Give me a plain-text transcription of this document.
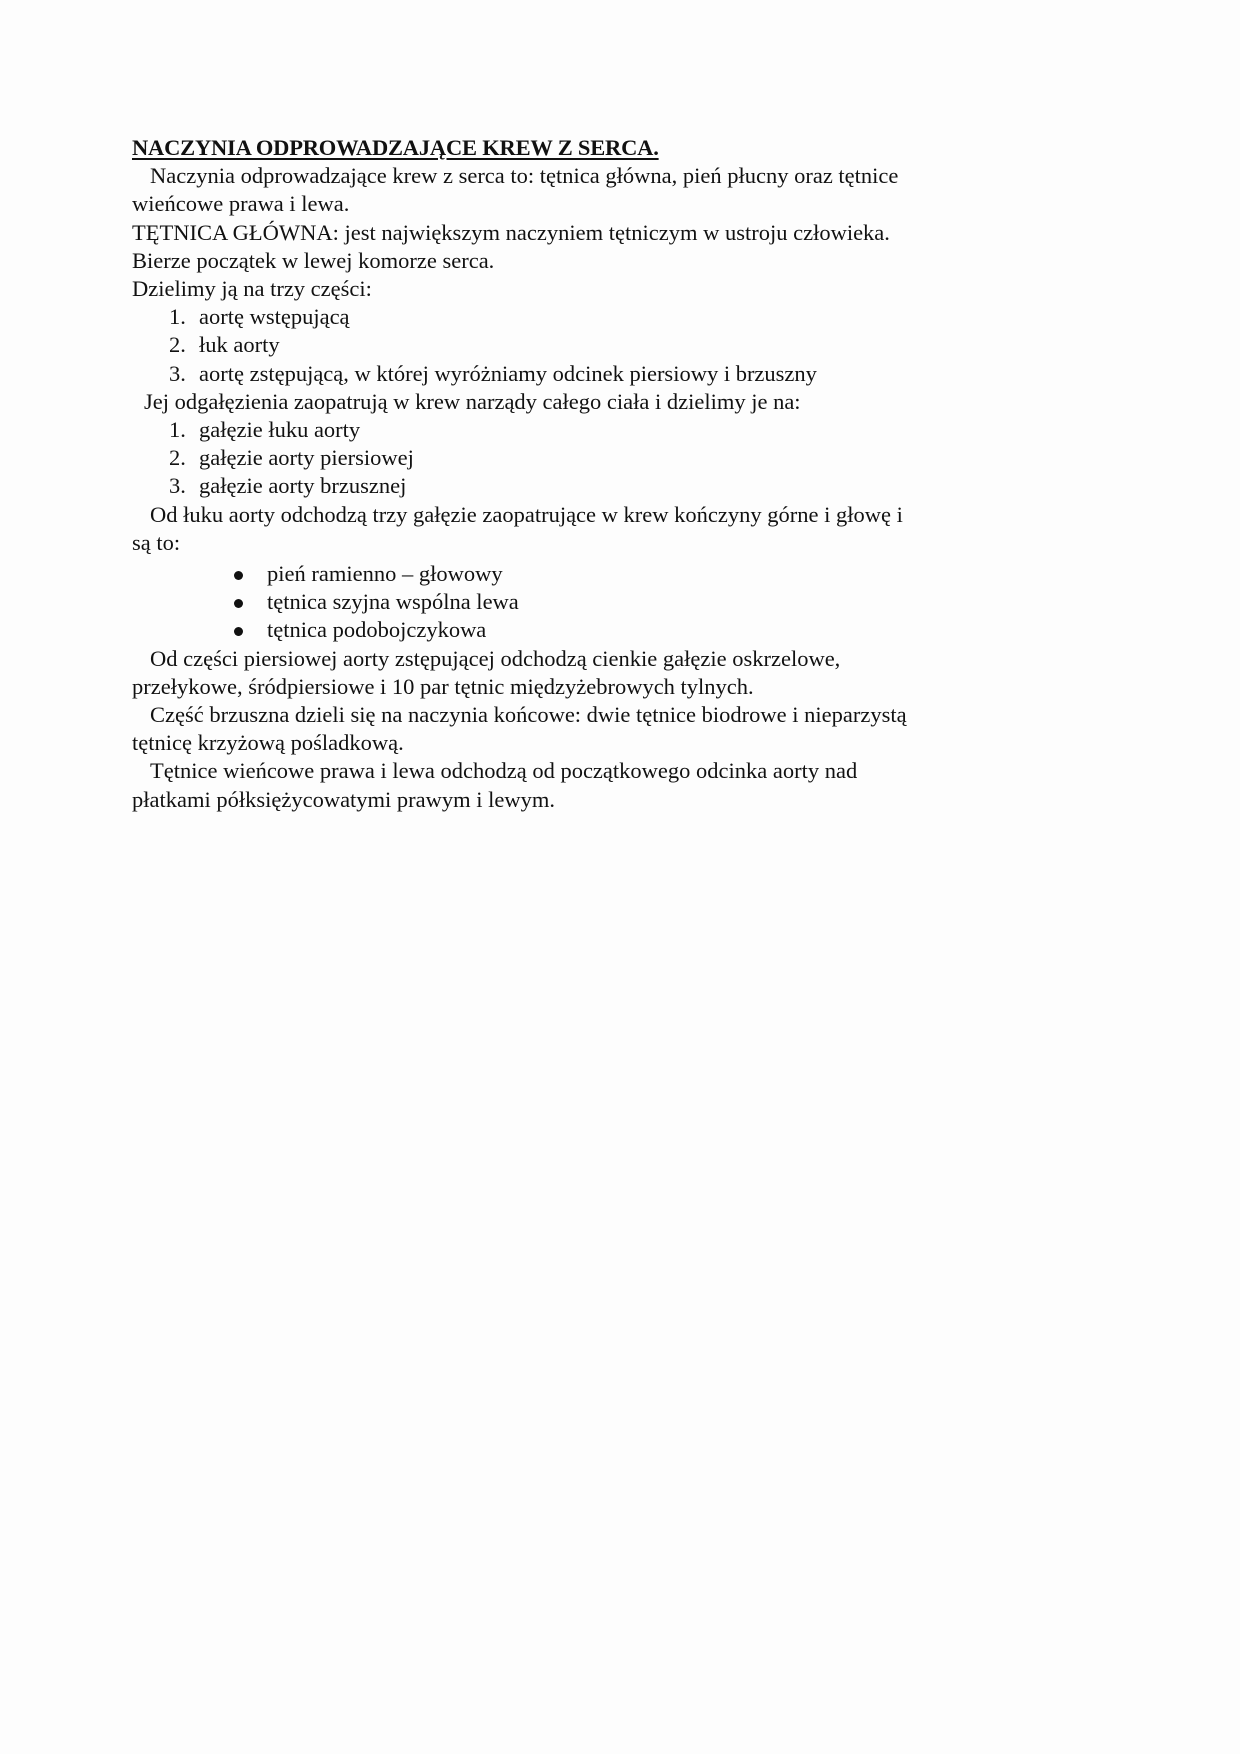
NACZYNIA ODPROWADZAJĄCE KREW Z SERCA.

Naczynia odprowadzające krew z serca to: tętnica główna, pień płucny oraz tętnice

wieńcowe prawa i lewa.

TĘTNICA GŁÓWNA: jest największym naczyniem tętniczym w ustroju człowieka.

Bierze początek w lewej komorze serca.

Dzielimy ją na trzy części:

1. aortę wstępującą
2. łuk aorty
3. aortę zstępującą, w której wyróżniamy odcinek piersiowy i brzuszny

Jej odgałęzienia zaopatrują w krew narządy całego ciała i dzielimy je na:

1. gałęzie łuku aorty
2. gałęzie aorty piersiowej
3. gałęzie aorty brzusznej

Od łuku aorty odchodzą trzy gałęzie zaopatrujące w krew kończyny górne i głowę i

są to:

pień ramienno – głowowy
tętnica szyjna wspólna lewa
tętnica podobojczykowa

Od części piersiowej aorty zstępującej odchodzą cienkie gałęzie oskrzelowe,

przełykowe, śródpiersiowe i 10 par tętnic międzyżebrowych tylnych.

Część brzuszna dzieli się na naczynia końcowe: dwie tętnice biodrowe i nieparzystą

tętnicę krzyżową pośladkową.

Tętnice wieńcowe prawa i lewa odchodzą od początkowego odcinka aorty nad

płatkami półksiężycowatymi prawym i lewym.
